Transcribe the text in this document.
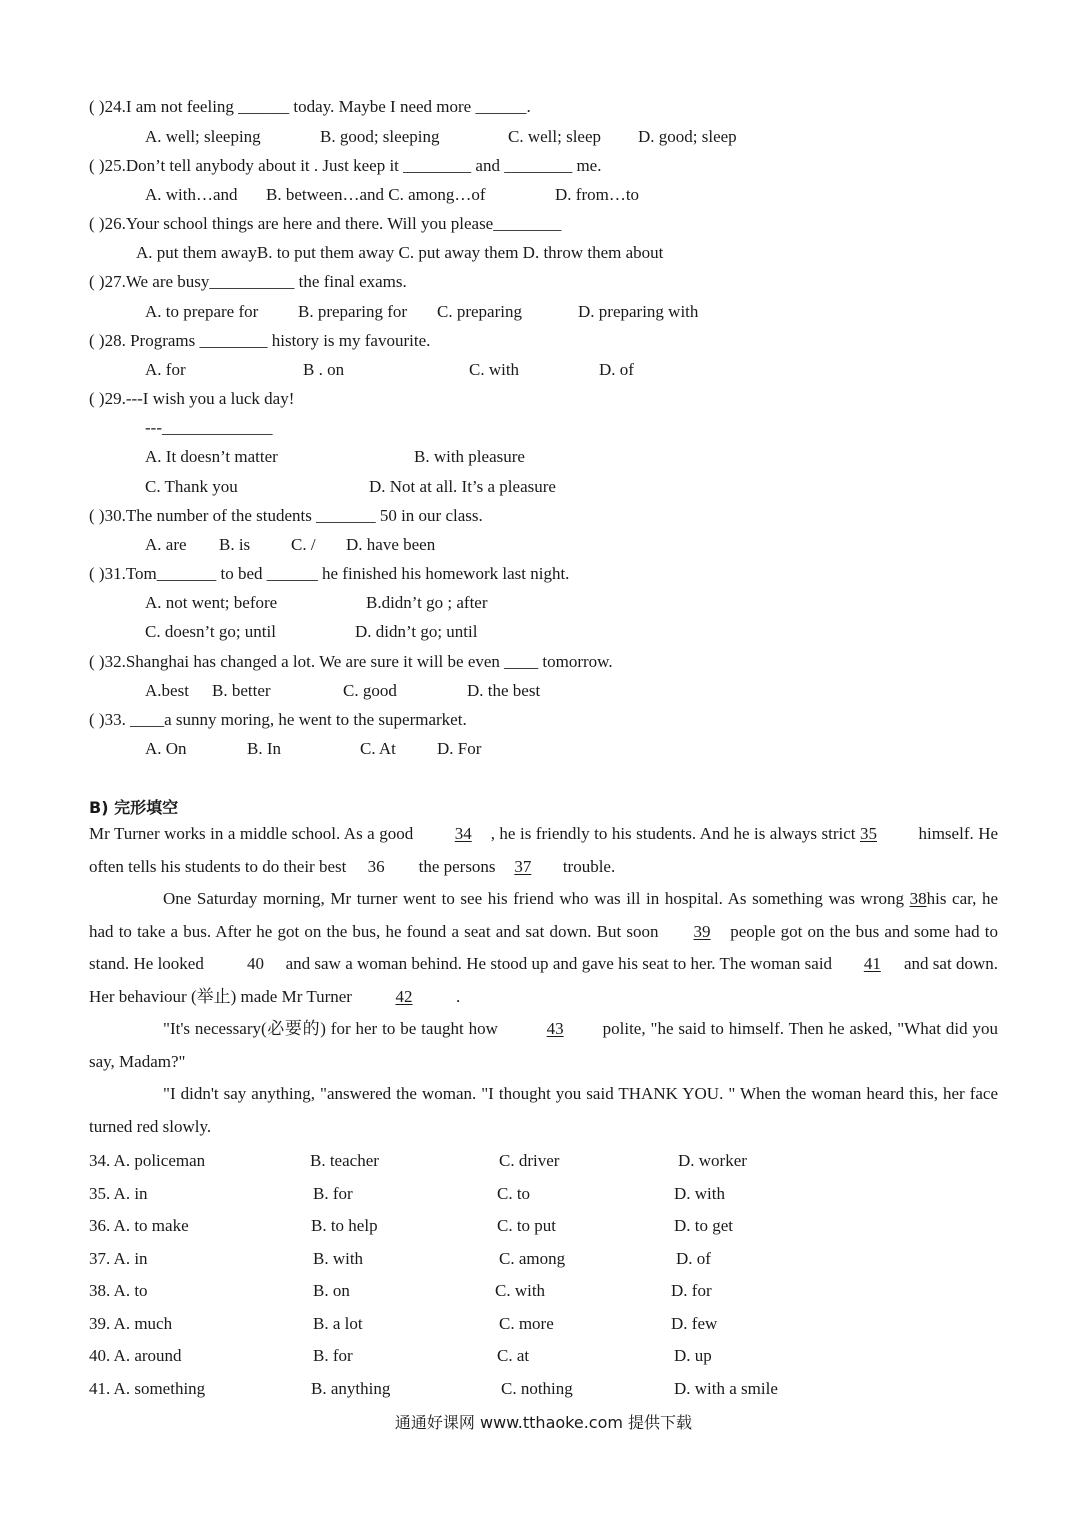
( )24.I am not feeling ______ today. Maybe I need more ______.
A. well; sleeping	B. good; sleeping	C. well; sleep D. good; sleep
( )25.Don’t tell anybody about it . Just keep it ________ and ________ me.
A. with…and B. between…and C. among…of	D. from…to
( )26.Your school things are here and there. Will you please________
A. put them awayB. to put them away C. put away them D. throw them about
( )27.We are busy__________ the final exams.
A. to prepare for B. preparing for C. preparing	D. preparing with
( )28. Programs ________ history is my favourite.
A. for	B . on	C. with	D. of
( )29.---I wish you a luck day!
---_____________
A. It doesn’t matter	B. with pleasure
C. Thank you	D. Not at all. It’s a pleasure
( )30.The number of the students _______ 50 in our class.
A. are B. is C. / D. have been
( )31.Tom_______ to bed ______ he finished his homework last night.
A. not went; before	B.didn’t go ; after
C. doesn’t go; until	D. didn’t go; until
( )32.Shanghai has changed a lot. We are sure it will be even ____ tomorrow.
A.best B. better	C. good	D. the best
( )33. ____a sunny moring, he went to the supermarket.
A. On	B. In	C. At D. For
B) 完形填空
Mr Turner works in a middle school. As a good 34 , he is friendly to his students. And he is always strict 35 himself. He often tells his students to do their best 36 the persons 37 trouble.
One Saturday morning, Mr turner went to see his friend who was ill in hospital. As something was wrong 38his car, he had to take a bus. After he got on the bus, he found a seat and sat down. But soon 39 people got on the bus and some had to stand. He looked	40 and saw a woman behind. He stood up and gave his seat to her. The woman said 41 and sat down. Her behaviour (举止) made Mr Turner	42	.
"It's necessary(必要的) for her to be taught how	43 polite, "he said to himself. Then he asked, "What did you say, Madam?"
"I didn't say anything, "answered the woman. "I thought you said THANK YOU. " When the woman heard this, her face turned red slowly.
34. A. policeman	B. teacher	C. driver	D. worker
35. A. in	B. for	C. to	D. with
36. A. to make	B. to help	C. to put	D. to get
37. A. in	B. with	C. among	D. of
38. A. to	B. on	C. with	D. for
39. A. much	B. a lot	C. more	D. few
40. A. around	B. for	C. at	D. up
41. A. something	B. anything	C. nothing	D. with a smile
通通好课网 www.tthaoke.com 提供下载
